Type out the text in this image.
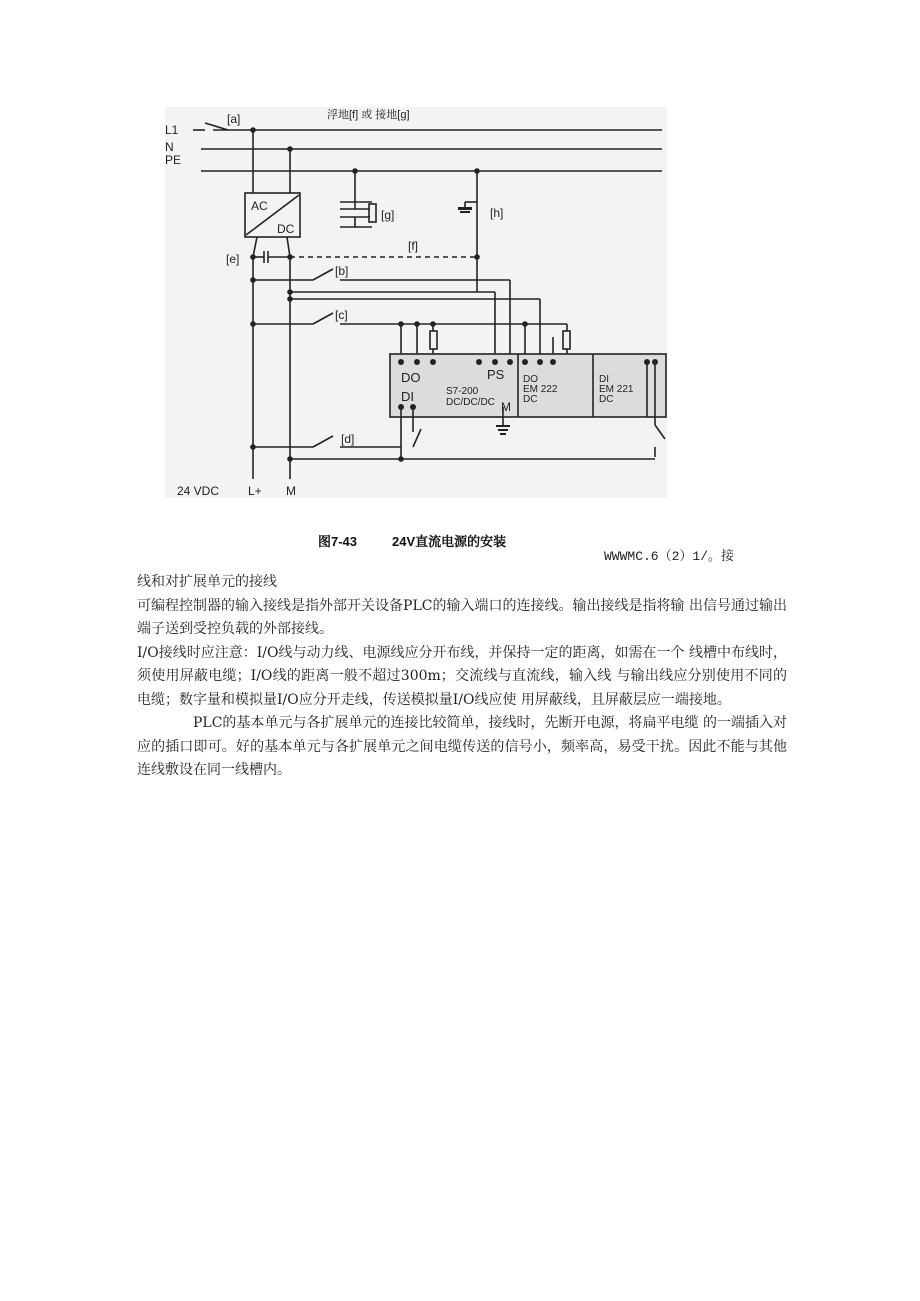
[a]	浮地[f] 或 接地[g]
L1
N
PE
AC
DC
[g]	[h]
[f]
[e]
[b]
[c]
[d]
DO
DI
PS
S7-200
DC/DC/DC M
DO
EM 222
DC
DI
EM 221
DC
24 VDC L+ M
图7-43	24V直流电源的安装
WWWMC.6（2）1/。接

线和对扩展单元的接线

可编程控制器的输入接线是指外部开关设备PLC的输入端口的连接线。输出接线是指将输 出信号通过输出端子送到受控负载的外部接线。

I/O接线时应注意：I/O线与动力线、电源线应分开布线，并保持一定的距离，如需在一个 线槽中布线时，须使用屏蔽电缆；I/O线的距离一般不超过300m；交流线与直流线，输入线 与输出线应分别使用不同的电缆；数字量和模拟量I/O应分开走线，传送模拟量I/O线应使 用屏蔽线，且屏蔽层应一端接地。

PLC的基本单元与各扩展单元的连接比较简单，接线时，先断开电源，将扁平电缆 的一端插入对应的插口即可。好的基本单元与各扩展单元之间电缆传送的信号小，频率高，易受干扰。因此不能与其他连线敷设在同一线槽内。
